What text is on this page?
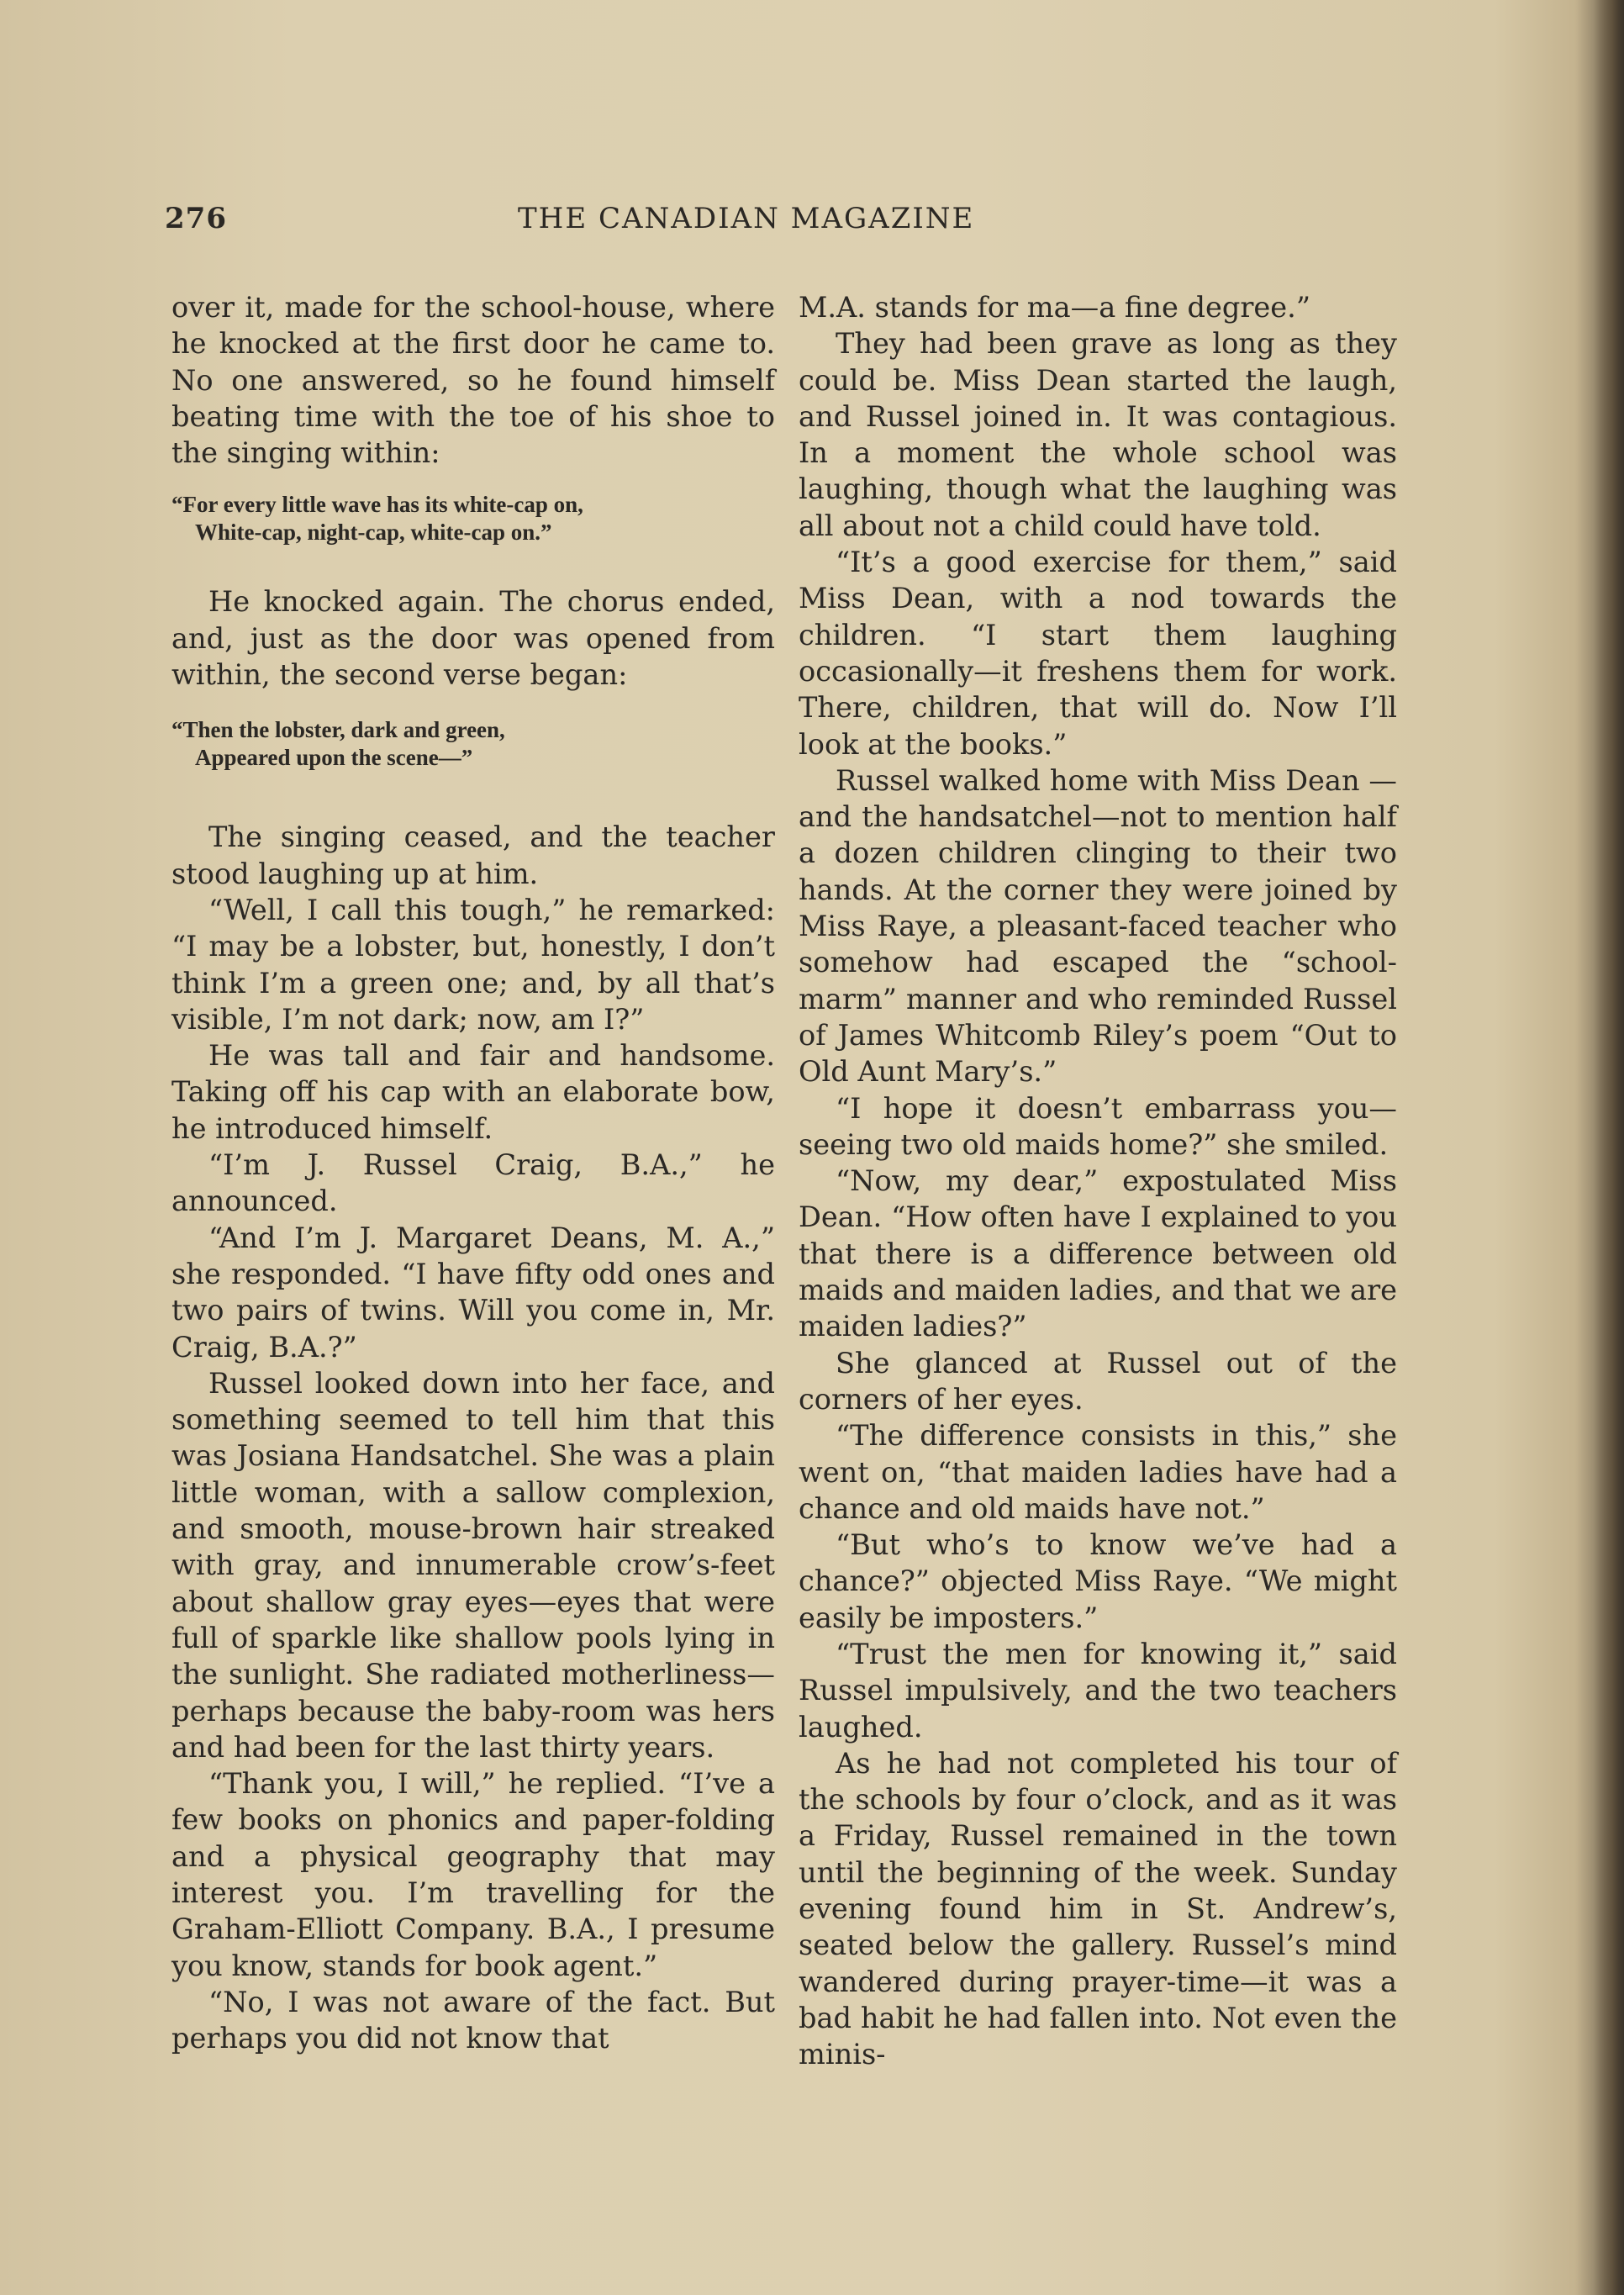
276	THE CANADIAN MAGAZINE

over it, made for the school-house, where he knocked at the first door he came to. No one answered, so he found himself beating time with the toe of his shoe to the singing within:

“For every little wave has its white-cap on,
White-cap, night-cap, white-cap on.”

He knocked again. The chorus ended, and, just as the door was opened from within, the second verse began:

“Then the lobster, dark and green,
Appeared upon the scene—”

The singing ceased, and the teacher stood laughing up at him.

“Well, I call this tough,” he remarked: “I may be a lobster, but, honestly, I don’t think I’m a green one; and, by all that’s visible, I’m not dark; now, am I?”

He was tall and fair and handsome. Taking off his cap with an elaborate bow, he introduced himself.

“I’m J. Russel Craig, B.A.,” he announced.

“And I’m J. Margaret Deans, M. A.,” she responded. “I have fifty odd ones and two pairs of twins. Will you come in, Mr. Craig, B.A.?”

Russel looked down into her face, and something seemed to tell him that this was Josiana Handsatchel. She was a plain little woman, with a sallow complexion, and smooth, mouse-brown hair streaked with gray, and innumerable crow’s-feet about shallow gray eyes—eyes that were full of sparkle like shallow pools lying in the sunlight. She radiated motherliness—perhaps because the baby-room was hers and had been for the last thirty years.

“Thank you, I will,” he replied. “I’ve a few books on phonics and paper-folding and a physical geography that may interest you. I’m travelling for the Graham-Elliott Company. B.A., I presume you know, stands for book agent.”

“No, I was not aware of the fact. But perhaps you did not know that

M.A. stands for ma—a fine degree.”

They had been grave as long as they could be. Miss Dean started the laugh, and Russel joined in. It was contagious. In a moment the whole school was laughing, though what the laughing was all about not a child could have told.

“It’s a good exercise for them,” said Miss Dean, with a nod towards the children. “I start them laughing occasionally—it freshens them for work. There, children, that will do. Now I’ll look at the books.”

Russel walked home with Miss Dean —and the handsatchel—not to mention half a dozen children clinging to their two hands. At the corner they were joined by Miss Raye, a pleasant-faced teacher who somehow had escaped the “school-marm” manner and who reminded Russel of James Whitcomb Riley’s poem “Out to Old Aunt Mary’s.”

“I hope it doesn’t embarrass you—seeing two old maids home?” she smiled.

“Now, my dear,” expostulated Miss Dean. “How often have I explained to you that there is a difference between old maids and maiden ladies, and that we are maiden ladies?”

She glanced at Russel out of the corners of her eyes.

“The difference consists in this,” she went on, “that maiden ladies have had a chance and old maids have not.”

“But who’s to know we’ve had a chance?” objected Miss Raye. “We might easily be imposters.”

“Trust the men for knowing it,” said Russel impulsively, and the two teachers laughed.

As he had not completed his tour of the schools by four o’clock, and as it was a Friday, Russel remained in the town until the beginning of the week. Sunday evening found him in St. Andrew’s, seated below the gallery. Russel’s mind wandered during prayer-time—it was a bad habit he had fallen into. Not even the minis-
